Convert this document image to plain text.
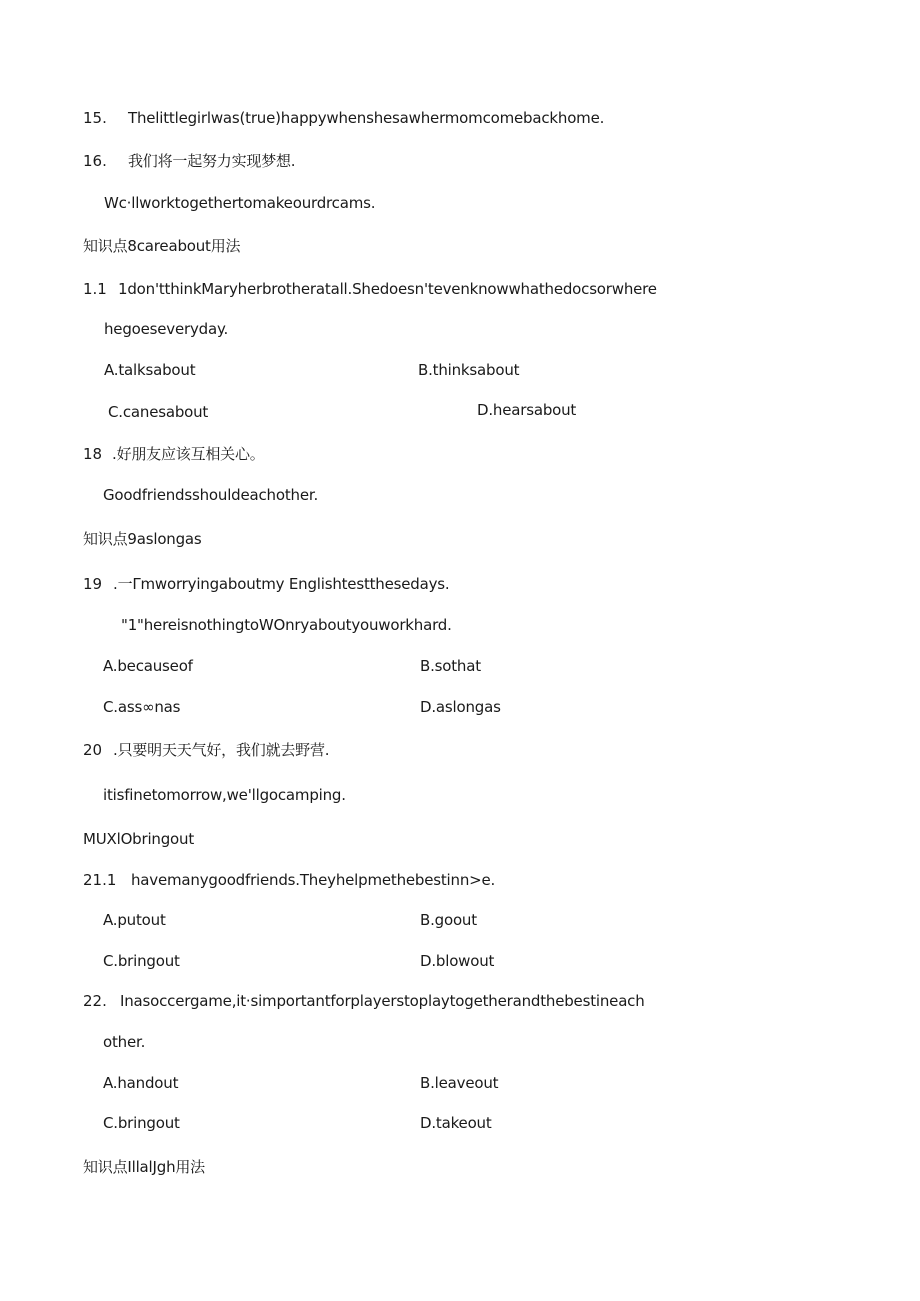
15. Thelittlegirlwas(true)happywhenshesawhermomcomebackhome.
16. 我们将一起努力实现梦想.
Wc·llworktogethertomakeourdrcams.
知识点8careabout用法
1.1 1don'tthinkMaryherbrotheratall.Shedoesn'tevenknowwhathedocsorwhere
hegoeseveryday.
A.talksabout	B.thinksabout
C.canesabout	D.hearsabout
18 .好朋友应该互相关心。
Goodfriendsshouldeachother.
知识点9aslongas
19 .一Γmworryingaboutmy Englishtestthesedays.
"1"hereisnothingtoWOnryaboutyouworkhard.
A.becauseof	B.sothat
C.ass∞nas	D.aslongas
20 .只要明天天气好，我们就去野营.
itisfinetomorrow,we'llgocamping.
MUXlObringout
21.1 havemanygoodfriends.Theyhelpmethebestinn>e.
A.putout	B.goout
C.bringout	D.blowout
22. Inasoccergame,it·simportantforplayerstoplaytogetherandthebestineach
other.
A.handout	B.leaveout
C.bringout	D.takeout
知识点IllalJgh用法
